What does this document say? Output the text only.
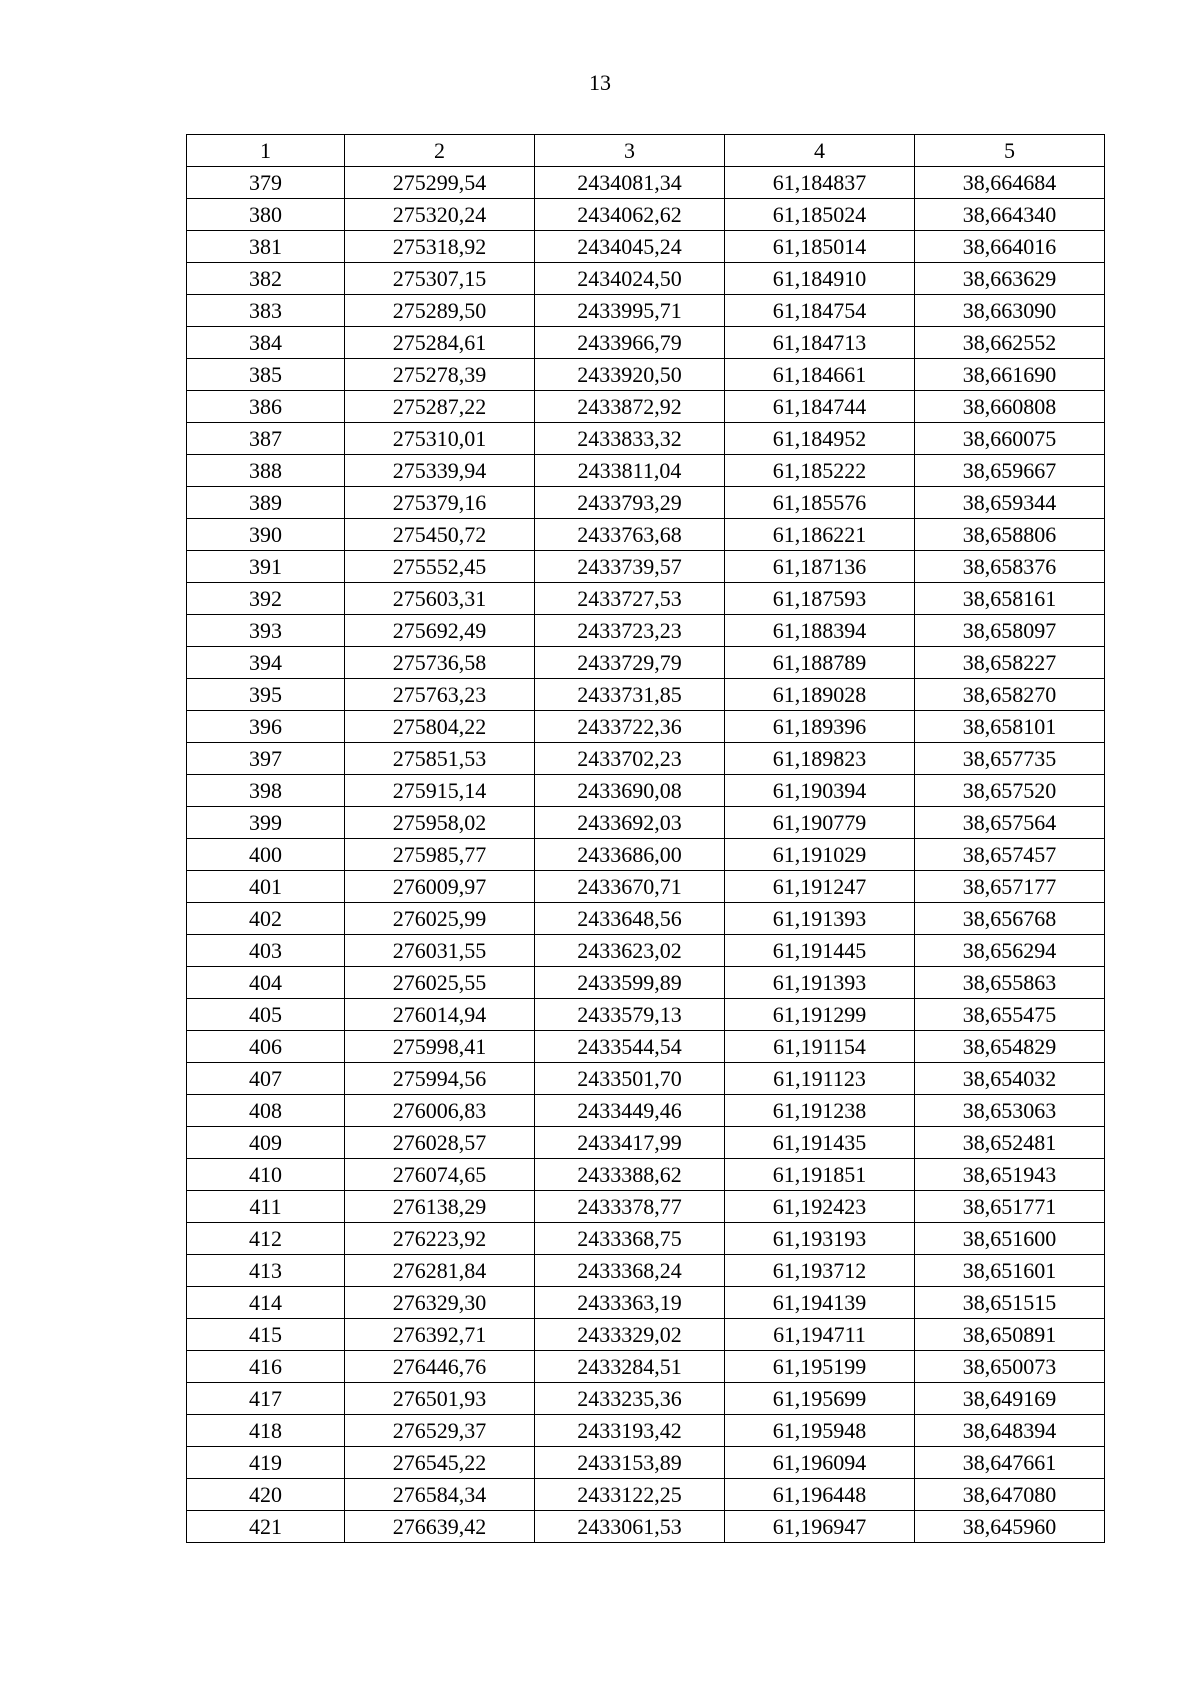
13
1	2	3	4	5
379	275299,54	2434081,34	61,184837	38,664684
380	275320,24	2434062,62	61,185024	38,664340
381	275318,92	2434045,24	61,185014	38,664016
382	275307,15	2434024,50	61,184910	38,663629
383	275289,50	2433995,71	61,184754	38,663090
384	275284,61	2433966,79	61,184713	38,662552
385	275278,39	2433920,50	61,184661	38,661690
386	275287,22	2433872,92	61,184744	38,660808
387	275310,01	2433833,32	61,184952	38,660075
388	275339,94	2433811,04	61,185222	38,659667
389	275379,16	2433793,29	61,185576	38,659344
390	275450,72	2433763,68	61,186221	38,658806
391	275552,45	2433739,57	61,187136	38,658376
392	275603,31	2433727,53	61,187593	38,658161
393	275692,49	2433723,23	61,188394	38,658097
394	275736,58	2433729,79	61,188789	38,658227
395	275763,23	2433731,85	61,189028	38,658270
396	275804,22	2433722,36	61,189396	38,658101
397	275851,53	2433702,23	61,189823	38,657735
398	275915,14	2433690,08	61,190394	38,657520
399	275958,02	2433692,03	61,190779	38,657564
400	275985,77	2433686,00	61,191029	38,657457
401	276009,97	2433670,71	61,191247	38,657177
402	276025,99	2433648,56	61,191393	38,656768
403	276031,55	2433623,02	61,191445	38,656294
404	276025,55	2433599,89	61,191393	38,655863
405	276014,94	2433579,13	61,191299	38,655475
406	275998,41	2433544,54	61,191154	38,654829
407	275994,56	2433501,70	61,191123	38,654032
408	276006,83	2433449,46	61,191238	38,653063
409	276028,57	2433417,99	61,191435	38,652481
410	276074,65	2433388,62	61,191851	38,651943
411	276138,29	2433378,77	61,192423	38,651771
412	276223,92	2433368,75	61,193193	38,651600
413	276281,84	2433368,24	61,193712	38,651601
414	276329,30	2433363,19	61,194139	38,651515
415	276392,71	2433329,02	61,194711	38,650891
416	276446,76	2433284,51	61,195199	38,650073
417	276501,93	2433235,36	61,195699	38,649169
418	276529,37	2433193,42	61,195948	38,648394
419	276545,22	2433153,89	61,196094	38,647661
420	276584,34	2433122,25	61,196448	38,647080
421	276639,42	2433061,53	61,196947	38,645960
